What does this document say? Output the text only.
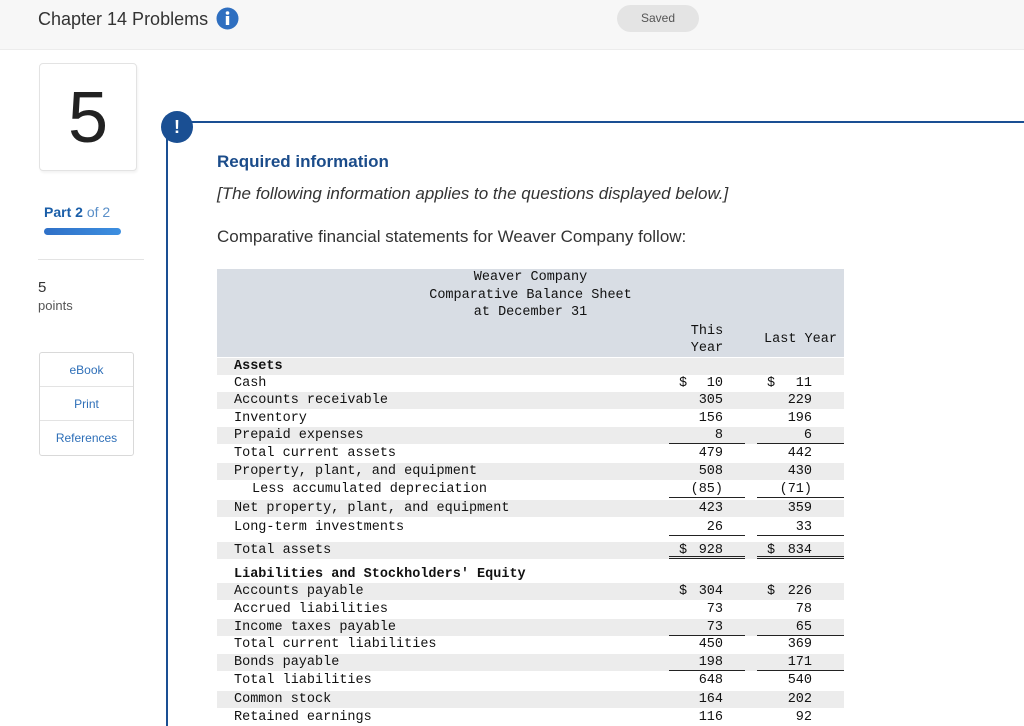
Chapter 14 Problems	Saved
5
Part 2 of 2
5
points
eBook
Print
References
!
Required information
[The following information applies to the questions displayed below.]
Comparative financial statements for Weaver Company follow:
Weaver Company
Comparative Balance Sheet
at December 31
This
Year
Last Year
Assets
Cash	$ 10	$ 11
Accounts receivable	305	229
Inventory	156	196
Prepaid expenses	8	6
Total current assets	479	442
Property, plant, and equipment	508	430
Less accumulated depreciation	(85)	(71)
Net property, plant, and equipment	423	359
Long-term investments	26	33
Total assets	$ 928	$ 834
Liabilities and Stockholders' Equity
Accounts payable	$ 304	$ 226
Accrued liabilities	73	78
Income taxes payable	73	65
Total current liabilities	450	369
Bonds payable	198	171
Total liabilities	648	540
Common stock	164	202
Retained earnings	116	92
